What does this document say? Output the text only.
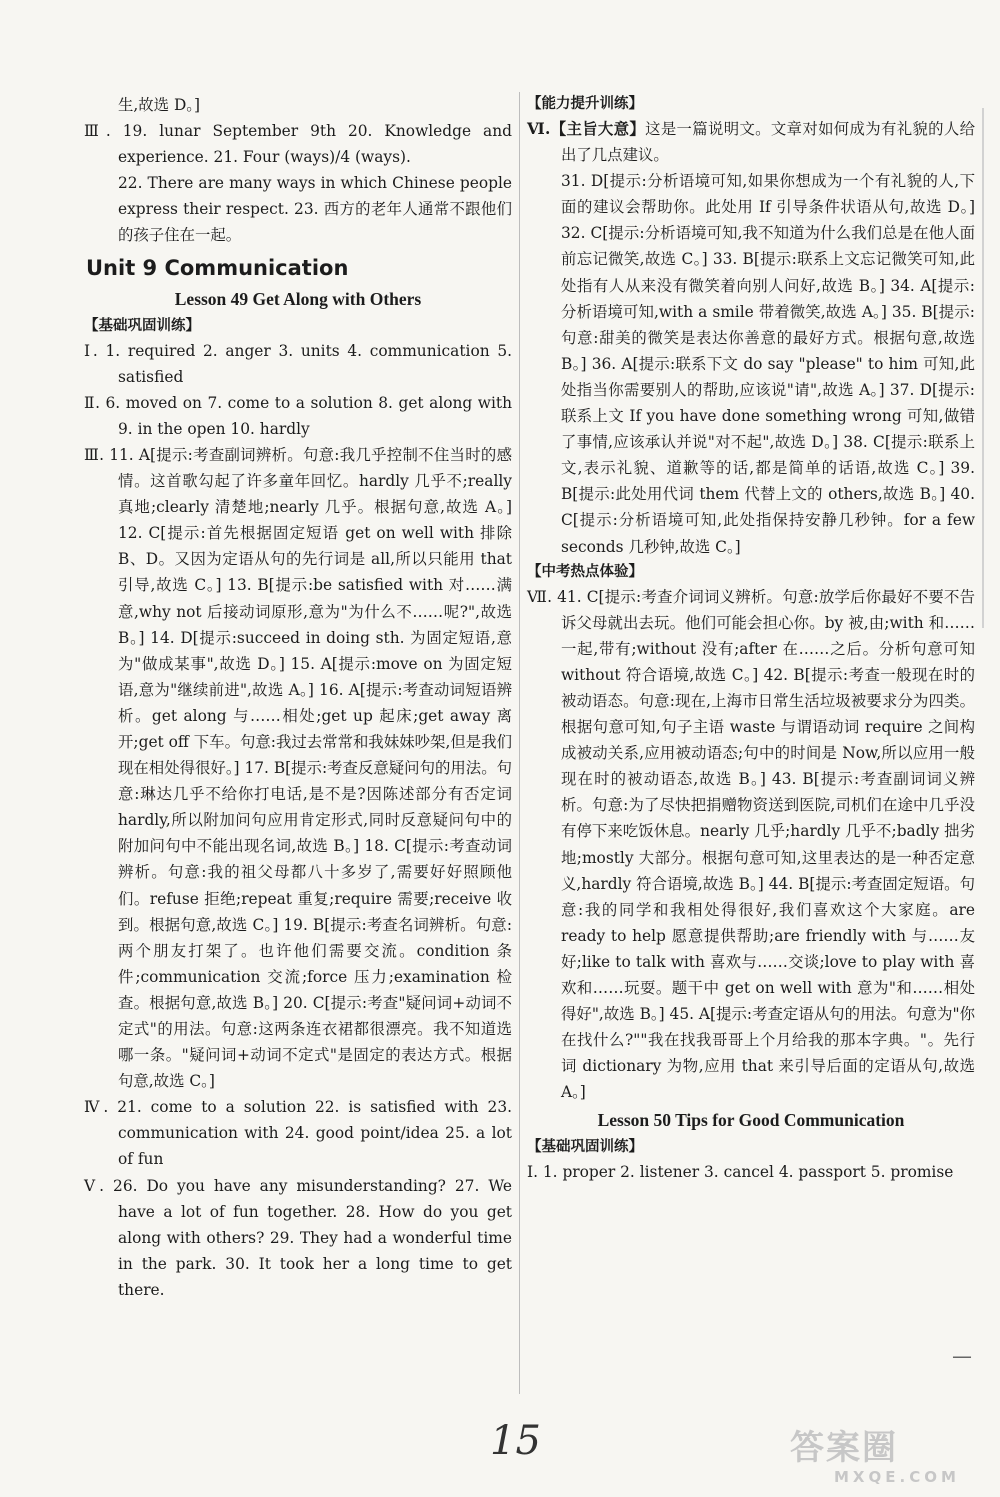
生,故选 D。]

Ⅲ. 19. lunar September 9th 20. Knowledge and experience. 21. Four (ways)/4 (ways).

22. There are many ways in which Chinese people express their respect. 23. 西方的老年人通常不跟他们的孩子住在一起。

Unit 9 Communication
Lesson 49 Get Along with Others
【基础巩固训练】

Ⅰ. 1. required 2. anger 3. units 4. communication 5. satisfied

Ⅱ. 6. moved on 7. come to a solution 8. get along with 9. in the open 10. hardly

Ⅲ. 11. A[提示:考查副词辨析。句意:我几乎控制不住当时的感情。这首歌勾起了许多童年回忆。hardly 几乎不;really 真地;clearly 清楚地;nearly 几乎。根据句意,故选 A。] 12. C[提示:首先根据固定短语 get on well with 排除 B、D。又因为定语从句的先行词是 all,所以只能用 that 引导,故选 C。] 13. B[提示:be satisfied with 对……满意,why not 后接动词原形,意为"为什么不……呢?",故选 B。] 14. D[提示:succeed in doing sth. 为固定短语,意为"做成某事",故选 D。] 15. A[提示:move on 为固定短语,意为"继续前进",故选 A。] 16. A[提示:考查动词短语辨析。get along 与……相处;get up 起床;get away 离开;get off 下车。句意:我过去常常和我妹妹吵架,但是我们现在相处得很好。] 17. B[提示:考查反意疑问句的用法。句意:琳达几乎不给你打电话,是不是?因陈述部分有否定词 hardly,所以附加问句应用肯定形式,同时反意疑问句中的附加问句中不能出现名词,故选 B。] 18. C[提示:考查动词辨析。句意:我的祖父母都八十多岁了,需要好好照顾他们。refuse 拒绝;repeat 重复;require 需要;receive 收到。根据句意,故选 C。] 19. B[提示:考查名词辨析。句意:两个朋友打架了。也许他们需要交流。condition 条件;communication 交流;force 压力;examination 检查。根据句意,故选 B。] 20. C[提示:考查"疑问词+动词不定式"的用法。句意:这两条连衣裙都很漂亮。我不知道选哪一条。"疑问词+动词不定式"是固定的表达方式。根据句意,故选 C。]

Ⅳ. 21. come to a solution 22. is satisfied with 23. communication with 24. good point/idea 25. a lot of fun

Ⅴ. 26. Do you have any misunderstanding? 27. We have a lot of fun together. 28. How do you get along with others? 29. They had a wonderful time in the park. 30. It took her a long time to get there.

【能力提升训练】

Ⅵ.【主旨大意】这是一篇说明文。文章对如何成为有礼貌的人给出了几点建议。

31. D[提示:分析语境可知,如果你想成为一个有礼貌的人,下面的建议会帮助你。此处用 If 引导条件状语从句,故选 D。] 32. C[提示:分析语境可知,我不知道为什么我们总是在他人面前忘记微笑,故选 C。] 33. B[提示:联系上文忘记微笑可知,此处指有人从来没有微笑着向别人问好,故选 B。] 34. A[提示:分析语境可知,with a smile 带着微笑,故选 A。] 35. B[提示:句意:甜美的微笑是表达你善意的最好方式。根据句意,故选 B。] 36. A[提示:联系下文 do say "please" to him 可知,此处指当你需要别人的帮助,应该说"请",故选 A。] 37. D[提示:联系上文 If you have done something wrong 可知,做错了事情,应该承认并说"对不起",故选 D。] 38. C[提示:联系上文,表示礼貌、道歉等的话,都是简单的话语,故选 C。] 39. B[提示:此处用代词 them 代替上文的 others,故选 B。] 40. C[提示:分析语境可知,此处指保持安静几秒钟。for a few seconds 几秒钟,故选 C。]

【中考热点体验】

Ⅶ. 41. C[提示:考查介词词义辨析。句意:放学后你最好不要不告诉父母就出去玩。他们可能会担心你。by 被,由;with 和……一起,带有;without 没有;after 在……之后。分析句意可知 without 符合语境,故选 C。] 42. B[提示:考查一般现在时的被动语态。句意:现在,上海市日常生活垃圾被要求分为四类。根据句意可知,句子主语 waste 与谓语动词 require 之间构成被动关系,应用被动语态;句中的时间是 Now,所以应用一般现在时的被动语态,故选 B。] 43. B[提示:考查副词词义辨析。句意:为了尽快把捐赠物资送到医院,司机们在途中几乎没有停下来吃饭休息。nearly 几乎;hardly 几乎不;badly 拙劣地;mostly 大部分。根据句意可知,这里表达的是一种否定意义,hardly 符合语境,故选 B。] 44. B[提示:考查固定短语。句意:我的同学和我相处得很好,我们喜欢这个大家庭。are ready to help 愿意提供帮助;are friendly with 与……友好;like to talk with 喜欢与……交谈;love to play with 喜欢和……玩耍。题干中 get on well with 意为"和……相处得好",故选 B。] 45. A[提示:考查定语从句的用法。句意为"你在找什么?""我在找我哥哥上个月给我的那本字典。"。先行词 dictionary 为物,应用 that 来引导后面的定语从句,故选 A。]

Lesson 50 Tips for Good Communication
【基础巩固训练】

Ⅰ. 1. proper 2. listener 3. cancel 4. passport 5. promise

—
15	答案圈
MXQE.COM
